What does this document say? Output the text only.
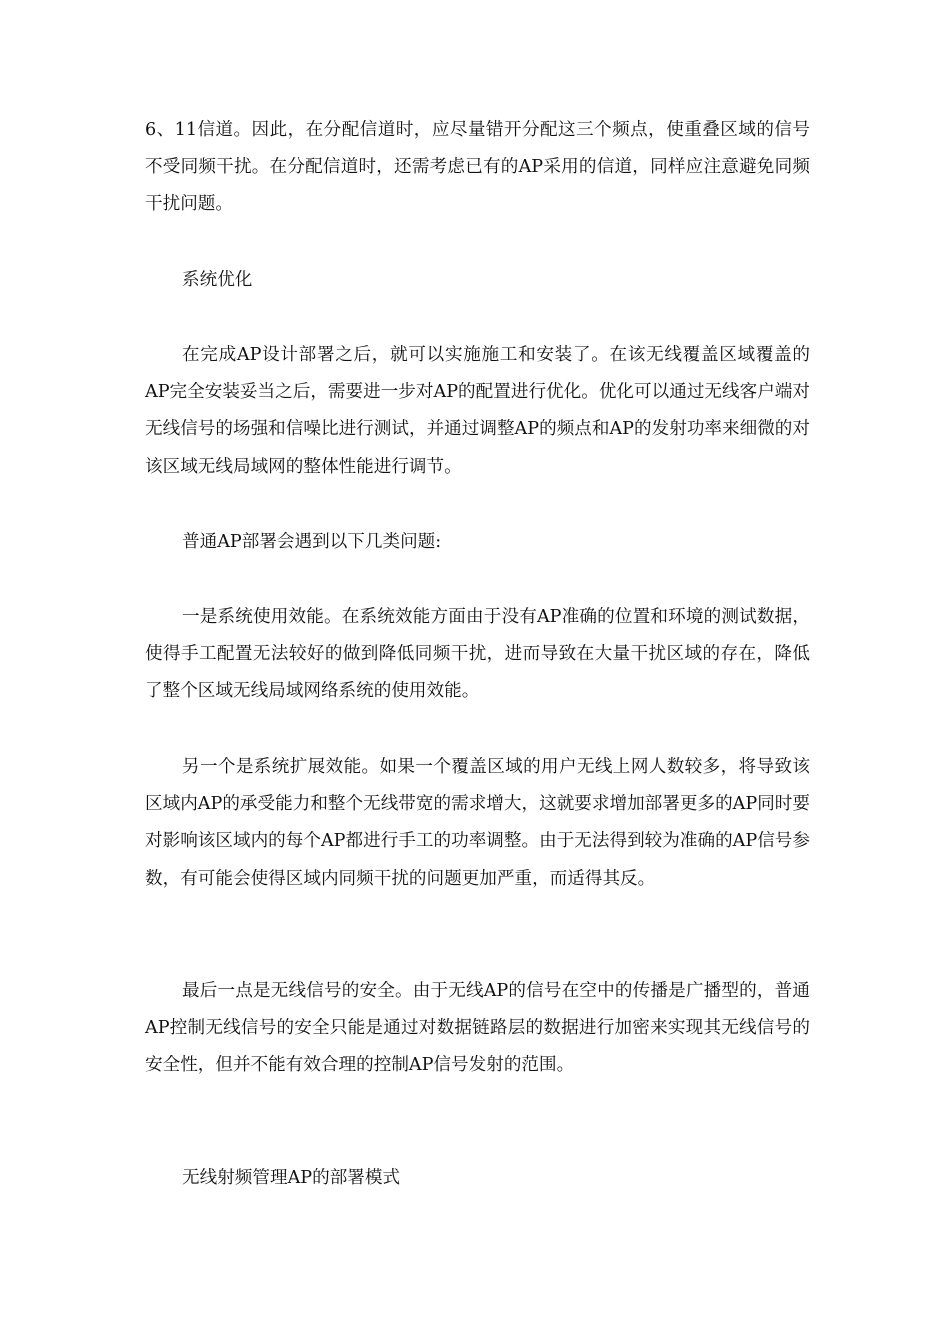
6、11信道。因此，在分配信道时，应尽量错开分配这三个频点，使重叠区域的信号不受同频干扰。在分配信道时，还需考虑已有的AP采用的信道，同样应注意避免同频干扰问题。

系统优化

在完成AP设计部署之后，就可以实施施工和安装了。在该无线覆盖区域覆盖的AP完全安装妥当之后，需要进一步对AP的配置进行优化。优化可以通过无线客户端对无线信号的场强和信噪比进行测试，并通过调整AP的频点和AP的发射功率来细微的对该区域无线局域网的整体性能进行调节。

普通AP部署会遇到以下几类问题:

一是系统使用效能。在系统效能方面由于没有AP准确的位置和环境的测试数据，使得手工配置无法较好的做到降低同频干扰，进而导致在大量干扰区域的存在，降低了整个区域无线局域网络系统的使用效能。

另一个是系统扩展效能。如果一个覆盖区域的用户无线上网人数较多，将导致该区域内AP的承受能力和整个无线带宽的需求增大，这就要求增加部署更多的AP同时要对影响该区域内的每个AP都进行手工的功率调整。由于无法得到较为准确的AP信号参数，有可能会使得区域内同频干扰的问题更加严重，而适得其反。

最后一点是无线信号的安全。由于无线AP的信号在空中的传播是广播型的，普通AP控制无线信号的安全只能是通过对数据链路层的数据进行加密来实现其无线信号的安全性，但并不能有效合理的控制AP信号发射的范围。

无线射频管理AP的部署模式
